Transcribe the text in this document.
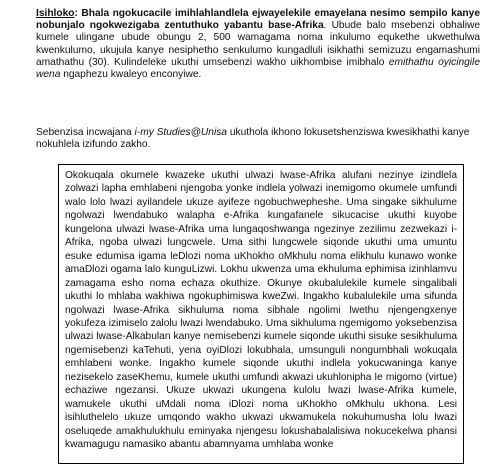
Isihloko: Bhala ngokucacile imihlahlandlela ejwayelekile emayelana nesimo sempilo kanye nobunjalo ngokwezigaba zentuthuko yabantu base-Afrika. Ubude balo msebenzi obhaliwe kumele ulingane ubude obungu 2, 500 wamagama noma inkulumo equkethe ukwethulwa kwenkulumo, ukujula kanye nesiphetho senkulumo kungadluli isikhathi semizuzu engamashumi amathathu (30). Kulindeleke ukuthi umsebenzi wakho uikhombise imibhalo emithathu oyicingile wena ngaphezu kwaleyo enconyiwe.

Sebenzisa incwajana i-my Studies@Unisa ukuthola ikhono lokusetshenziswa kwesikhathi kanye nokuhlela izifundo zakho.

Okokuqala okumele kwazeke ukuthi ulwazi lwase-Afrika alufani nezinye izindlela zolwazi lapha emhlabeni njengoba yonke indlela yolwazi inemigomo okumele umfundi walo lolo lwazi ayilandele ukuze ayifeze ngobuchwepheshe. Uma singake sikhulume ngolwazi lwendabuko walapha e-Afrika kungafanele sikucacise ukuthi kuyobe kungelona ulwazi lwase-Afrika uma lungaqoshwanga ngezinye zezilimu zezwekazi i-Afrika, ngoba ulwazi lungcwele. Uma sithi lungcwele siqonde ukuthi uma umuntu esuke edumisa igama leDlozi noma uKhokho oMkhulu noma elikhulu kunawo wonke amaDlozi ogama lalo kunguLizwi. Lokhu ukwenza uma ekhuluma ephimisa izinhlamvu zamagama esho noma echaza okuthize. Okunye okubalulekile kumele singalibali ukuthi lo mhlaba wakhiwa ngokuphimiswa kweZwi. Ingakho kubalulekile uma sifunda ngolwazi lwase-Afrika sikhuluma noma sibhale ngolimi lwethu njengengxenye yokufeza izimiselo zalolu lwazi lwendabuko. Uma sikhuluma ngemigomo yoksebenzisa ulwazi lwase-Alkabulan kanye nemisebenzi kumele siqonde ukuthi sisuke sesikhuluma ngemisebenzi kaTehuti, yena oyiDlozi lokubhala, umsunguli nongumbhali wokuqala emhlabeni wonke. Ingakho kumele siqonde ukuthi indlela yokucwaninga kanye nezisekelo zaseKhemu, kumele ukuthi umfundi akwazi ukuhloniphа le migomo (virtue) echaziwe ngezansi. Ukuze ukwazi ukungena kulolu lwazi lwase-Afrika kumele, wamukele ukuthi uMdali noma iDlozi noma uKhokho oMkhulu ukhona. Lesi isihluthelelo ukuze umqondo wakho ukwazi ukwamukela nokuhumusha lolu lwazi oseluqede amakhulukhulu eminyaka njengesu lokushabalalisiwa nokucekelwa phansi kwamagugu namasiko abantu abamnyama umhlaba wonke
